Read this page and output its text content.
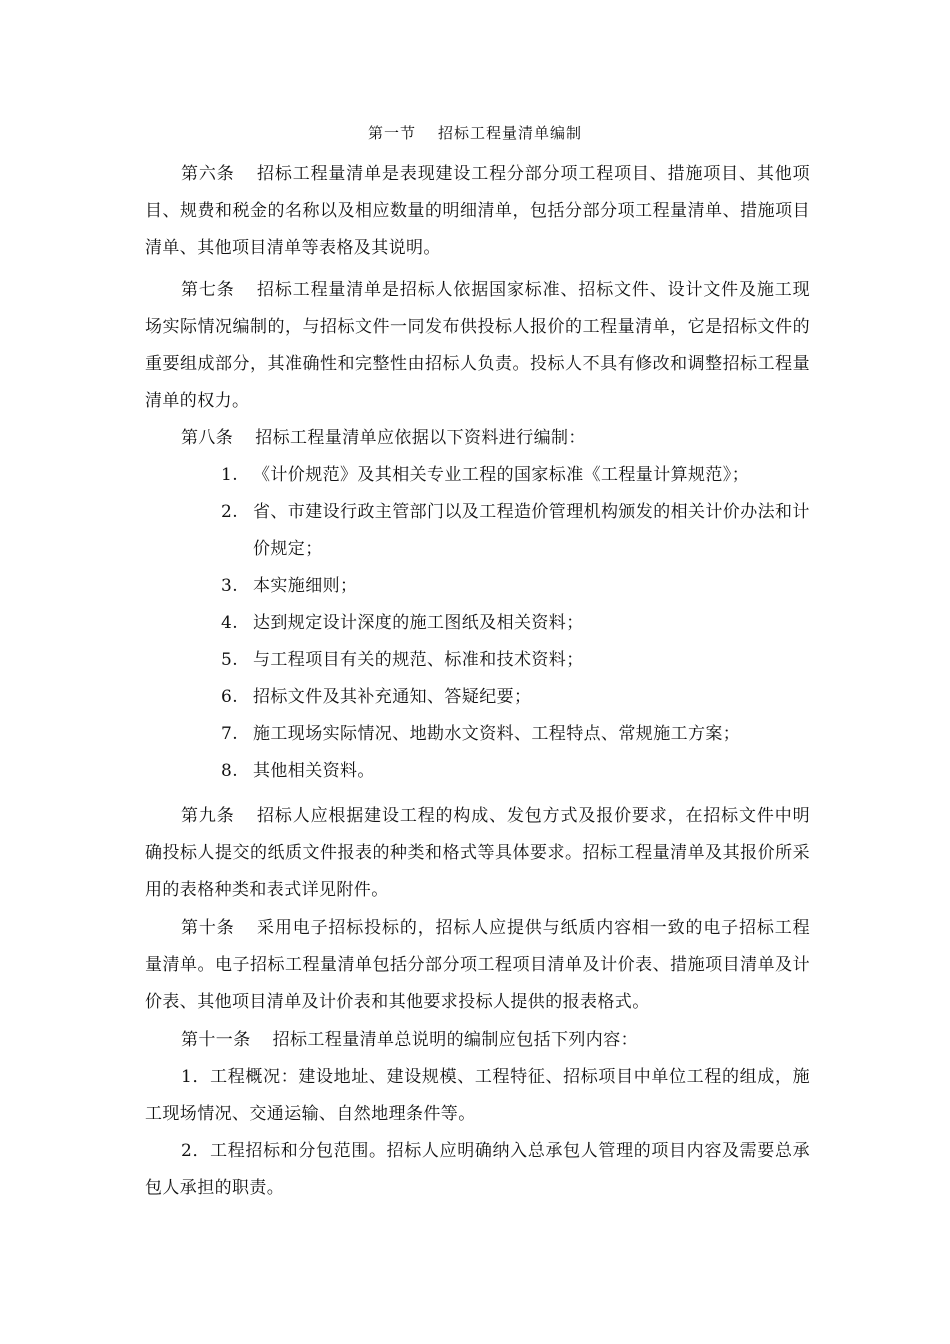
第一节 招标工程量清单编制

第六条 招标工程量清单是表现建设工程分部分项工程项目、措施项目、其他项目、规费和税金的名称以及相应数量的明细清单，包括分部分项工程量清单、措施项目清单、其他项目清单等表格及其说明。

第七条 招标工程量清单是招标人依据国家标准、招标文件、设计文件及施工现场实际情况编制的，与招标文件一同发布供投标人报价的工程量清单，它是招标文件的重要组成部分，其准确性和完整性由招标人负责。投标人不具有修改和调整招标工程量清单的权力。

第八条 招标工程量清单应依据以下资料进行编制：

1. 《计价规范》及其相关专业工程的国家标准《工程量计算规范》；
2. 省、市建设行政主管部门以及工程造价管理机构颁发的相关计价办法和计价规定；
3. 本实施细则；
4. 达到规定设计深度的施工图纸及相关资料；
5. 与工程项目有关的规范、标准和技术资料；
6. 招标文件及其补充通知、答疑纪要；
7. 施工现场实际情况、地勘水文资料、工程特点、常规施工方案；
8. 其他相关资料。

第九条 招标人应根据建设工程的构成、发包方式及报价要求，在招标文件中明确投标人提交的纸质文件报表的种类和格式等具体要求。招标工程量清单及其报价所采用的表格种类和表式详见附件。

第十条 采用电子招标投标的，招标人应提供与纸质内容相一致的电子招标工程量清单。电子招标工程量清单包括分部分项工程项目清单及计价表、措施项目清单及计价表、其他项目清单及计价表和其他要求投标人提供的报表格式。

第十一条 招标工程量清单总说明的编制应包括下列内容：

1．工程概况：建设地址、建设规模、工程特征、招标项目中单位工程的组成，施工现场情况、交通运输、自然地理条件等。

2．工程招标和分包范围。招标人应明确纳入总承包人管理的项目内容及需要总承包人承担的职责。
